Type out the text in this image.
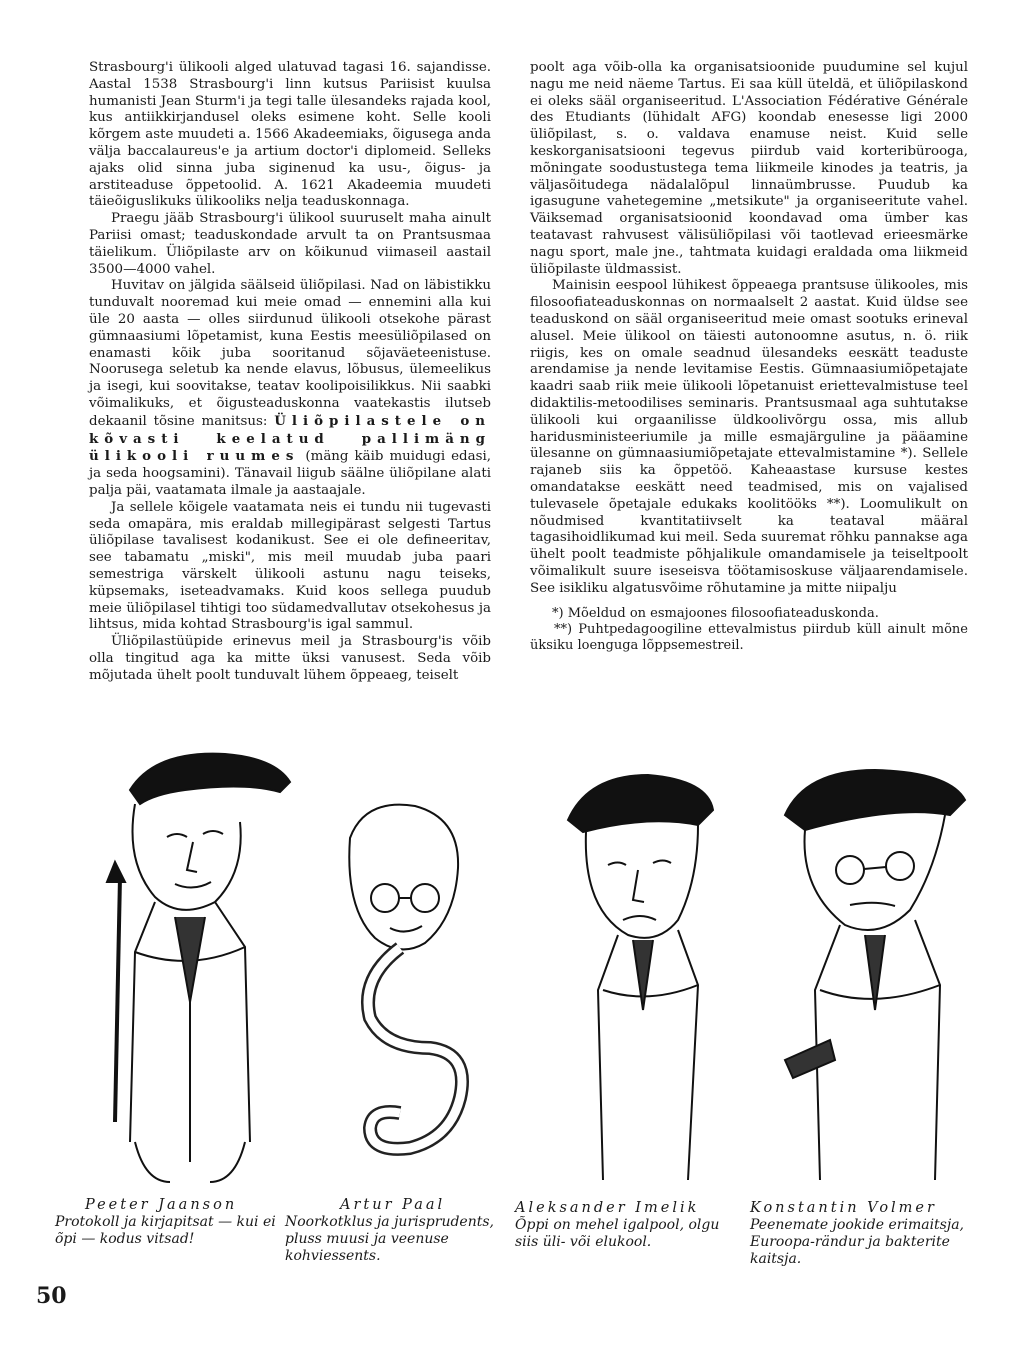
Strasbourg'i ülikooli alged ulatuvad tagasi 16. sajandisse. Aastal 1538 Strasbourg'i linn kutsus Pariisist kuulsa humanisti Jean Sturm'i ja tegi talle ülesandeks rajada kool, kus antiikkirjandusel oleks esimene koht. Selle kooli kõrgem aste muudeti a. 1566 Akadeemiaks, õigusega anda välja baccalaureus'e ja artium doctor'i diplomeid. Selleks ajaks olid sinna juba siginenud ka usu-, õigus- ja arstiteaduse õppetoolid. A. 1621 Akadeemia muudeti täieõiguslikuks ülikooliks nelja teaduskonnaga.

Praegu jääb Strasbourg'i ülikool suuruselt maha ainult Pariisi omast; teaduskondade arvult ta on Prantsusmaa täielikum. Üliõpilaste arv on kõikunud viimaseil aastail 3500—4000 vahel.

Huvitav on jälgida säälseid üliõpilasi. Nad on läbistikku tunduvalt nooremad kui meie omad — ennemini alla kui üle 20 aasta — olles siirdunud ülikooli otsekohe pärast gümnaasiumi lõpetamist, kuna Eestis meesüliõpilased on enamasti kõik juba sooritanud sõjaväeteenistuse. Noorusega seletub ka nende elavus, lõbusus, ülemeelikus ja isegi, kui soovitakse, teatav koolipoisilikkus. Nii saabki võimalikuks, et õigusteaduskonna vaatekastis ilutseb dekaanil tõsine manitsus: Üliõpilastele on kõvasti keelatud pallimäng ülikooli ruumes (mäng käib muidugi edasi, ja seda hoogsamini). Tänavail liigub säälne üliõpilane alati palja päi, vaatamata ilmale ja aastaajale.

Ja sellele kõigele vaatamata neis ei tundu nii tugevasti seda omapära, mis eraldab millegipärast selgesti Tartus üliõpilase tavalisest kodanikust. See ei ole defineeritav, see tabamatu „miski", mis meil muudab juba paari semestriga värskelt ülikooli astunu nagu teiseks, küpsemaks, iseteadvamaks. Kuid koos sellega puudub meie üliõpilasel tihtigi too südamedvallutav otsekohesus ja lihtsus, mida kohtad Strasbourg'is igal sammul.

Üliõpilastüüpide erinevus meil ja Strasbourg'is võib olla tingitud aga ka mitte üksi vanusest. Seda võib mõjutada ühelt poolt tunduvalt lühem õppeaeg, teiselt

poolt aga võib-olla ka organisatsioonide puudumine sel kujul nagu me neid näeme Tartus. Ei saa küll üteldä, et üliõpilaskond ei oleks sääl organiseeritud. L'Association Fédérative Générale des Etudiants (lühidalt AFG) koondab enesesse ligi 2000 üliõpilast, s. o. valdava enamuse neist. Kuid selle keskorganisatsiooni tegevus piirdub vaid korteribüroоga, mõningate soodustustega tema liikmeile kinodes ja teatris, ja väljasõitudega nädalalõpul linnaümbrusse. Puudub ka igasugune vahetegemine „metsikute" ja organiseeritute vahel. Väiksemad organisatsioonid koondavad oma ümber kas teatavast rahvusest välisüliõpilasi või taotlevad erieesmärke nagu sport, male jne., tahtmata kuidagi eraldada oma liikmeid üliõpilaste üldmassist.

Mainisin eespool lühikest õppeaega prantsuse ülikooles, mis filosoofiateaduskonnas on normaalselt 2 aastat. Kuid üldse see teaduskond on sääl organiseeritud meie omast sootuks erineval alusel. Meie ülikool on täiesti autonoomne asutus, n. ö. riik riigis, kes on omale seadnud ülesandeks eesкätt teaduste arendamise ja nende levitamise Eestis. Gümnaasiumiõpetajate kaadri saab riik meie ülikooli lõpetanuist eriettevalmistuse teel didaktilis-metoodilises seminaris. Prantsusmaal aga suhtutakse ülikooli kui orgaanilisse üldkoolivõrgu ossa, mis allub haridusministeeriumile ja mille esmajärguline ja pääamine ülesanne on gümnaasiumiõpetajate ettevalmistamine *). Sellele rajaneb siis ka õppetöö. Kaheaastase kursuse kestes omandatakse eeskätt need teadmised, mis on vajalised tulevasele õpetajale edukaks koolitööks **). Loomulikult on nõudmised kvantitatiivselt ka teataval määral tagasihoidlikumad kui meil. Seda suuremat rõhku pannakse aga ühelt poolt teadmiste põhjalikule omandamisele ja teiseltpoolt võimalikult suure iseseisva töötamisoskuse väljaarendamisele. See isikliku algatusvõime rõhutamine ja mitte niipalju

*) Mõeldud on esmajoones filosoofiateaduskonda.

**) Puhtpedagoogiline ettevalmistus piirdub küll ainult mõne üksiku loenguga lõppsemestreil.

Peeter Jaanson
Protokoll ja kirjapitsat — kui ei õpi — kodus vitsad!
Artur Paal
Noorkotklus ja jurisprudents, pluss muusi ja veenuse kohviessents.
Aleksander Imelik
Õppi on mehel igalpool, olgu siis üli- või elukool.
Konstantin Volmer
Peenemate jookide erimaitsja, Euroopa-rändur ja bakterite kaitsja.
50
